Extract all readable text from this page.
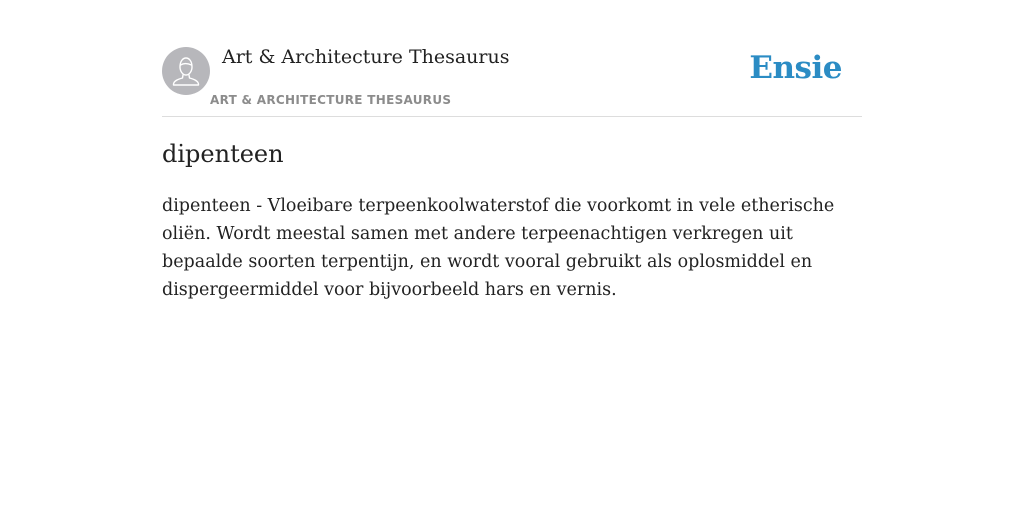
Art & Architecture Thesaurus
ART & ARCHITECTURE THESAURUS
Ensie
dipenteen

dipenteen - Vloeibare terpeenkoolwaterstof die voorkomt in vele etherische oliën. Wordt meestal samen met andere terpeenachtigen verkregen uit bepaalde soorten terpentijn, en wordt vooral gebruikt als oplosmiddel en dispergeermiddel voor bijvoorbeeld hars en vernis.
